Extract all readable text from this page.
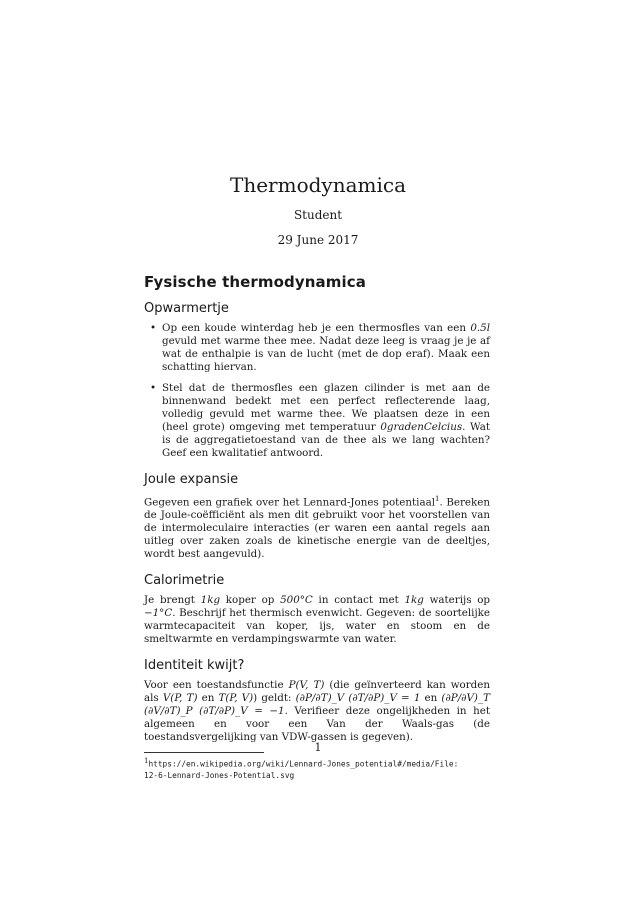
Thermodynamica
Student
29 June 2017
Fysische thermodynamica
Opwarmertje
• Op een koude winterdag heb je een thermosfles van een 0.5l gevuld met warme thee mee. Nadat deze leeg is vraag je je af wat de enthalpie is van de lucht (met de dop eraf). Maak een schatting hiervan.
• Stel dat de thermosfles een glazen cilinder is met aan de binnenwand bedekt met een perfect reflecterende laag, volledig gevuld met warme thee. We plaatsen deze in een (heel grote) omgeving met temperatuur 0gradenCelcius. Wat is de aggregatietoestand van de thee als we lang wachten? Geef een kwalitatief antwoord.
Joule expansie

Gegeven een grafiek over het Lennard-Jones potentiaal$^1$. Bereken de Joule-coëfficiënt als men dit gebruikt voor het voorstellen van de intermoleculaire interacties (er waren een aantal regels aan uitleg over zaken zoals de kinetische energie van de deeltjes, wordt best aangevuld).

Calorimetrie

Je brengt 1kg koper op 500°C in contact met 1kg waterijs op −1°C. Beschrijf het thermisch evenwicht. Gegeven: de soortelijke warmtecapaciteit van koper, ijs, water en stoom en de smeltwarmte en verdampingswarmte van water.

Identiteit kwijt?

Voor een toestandsfunctie P(V, T) (die geïnverteerd kan worden als V(P, T) en T(P, V)) geldt: (∂P/∂T)_V (∂T/∂P)_V = 1 en (∂P/∂V)_T (∂V/∂T)_P (∂T/∂P)_V = −1. Verifieer deze ongelijkheden in het algemeen en voor een Van der Waals-gas (de toestandsvergelijking van VDW-gassen is gegeven).

$^1$https://en.wikipedia.org/wiki/Lennard-Jones_potential#/media/File:
12-6-Lennard-Jones-Potential.svg
1
